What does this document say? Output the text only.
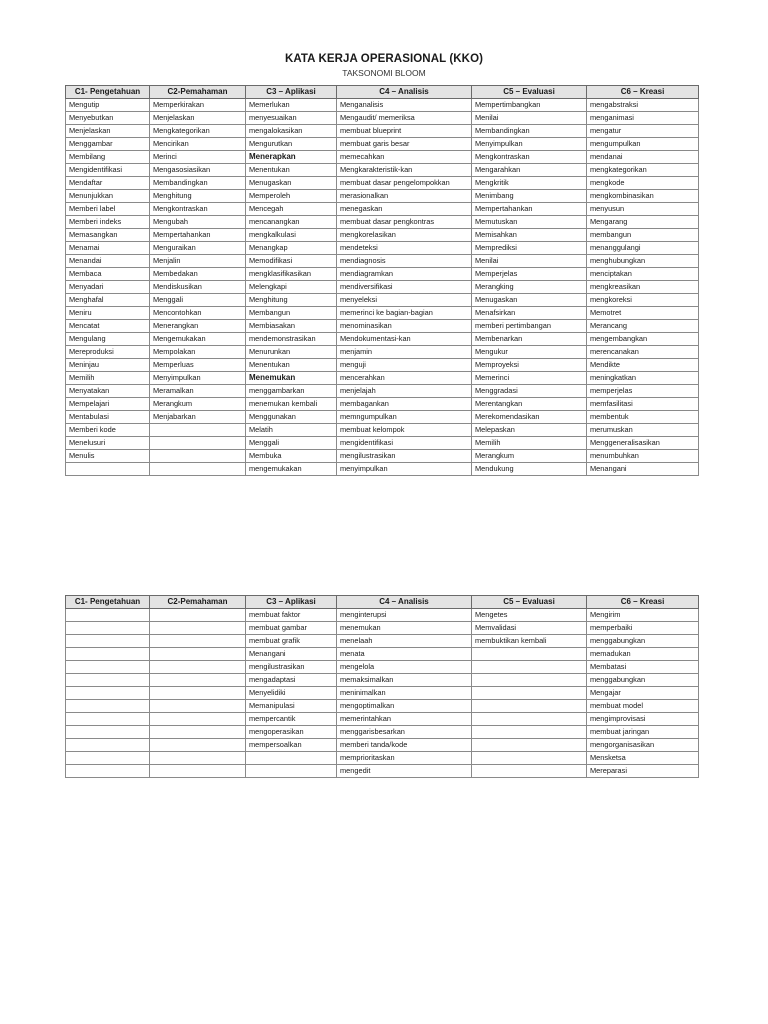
KATA KERJA OPERASIONAL (KKO)
TAKSONOMI BLOOM
C1- Pengetahuan	C2-Pemahaman	C3 – Aplikasi	C4 – Analisis	C5 – Evaluasi	C6 – Kreasi
Mengutip	Memperkirakan	Memerlukan	Menganalisis	Mempertimbangkan	mengabstraksi
Menyebutkan	Menjelaskan	menyesuaikan	Mengaudit/ memeriksa	Menilai	menganimasi
Menjelaskan	Mengkategorikan	mengalokasikan	membuat blueprint	Membandingkan	mengatur
Menggambar	Mencirikan	Mengurutkan	membuat garis besar	Menyimpulkan	mengumpulkan
Membilang	Merinci	Menerapkan	memecahkan	Mengkontraskan	mendanai
Mengidentifikasi	Mengasosiasikan	Menentukan	Mengkarakteristik-kan	Mengarahkan	mengkategorikan
Mendaftar	Membandingkan	Menugaskan	membuat dasar pengelompokkan	Mengkritik	mengkode
Menunjukkan	Menghitung	Memperoleh	merasionalkan	Menimbang	mengkombinasikan
Memberi label	Mengkontraskan	Mencegah	menegaskan	Mempertahankan	menyusun
Memberi indeks	Mengubah	mencanangkan	membuat dasar pengkontras	Memutuskan	Mengarang
Memasangkan	Mempertahankan	mengkalkulasi	mengkorelasikan	Memisahkan	membangun
Menamai	Menguraikan	Menangkap	mendeteksi	Memprediksi	menanggulangi
Menandai	Menjalin	Memodifikasi	mendiagnosis	Menilai	menghubungkan
Membaca	Membedakan	mengklasifikasikan	mendiagramkan	Memperjelas	menciptakan
Menyadari	Mendiskusikan	Melengkapi	mendiversifikasi	Merangking	mengkreasikan
Menghafal	Menggali	Menghitung	menyeleksi	Menugaskan	mengkoreksi
Meniru	Mencontohkan	Membangun	memerinci ke bagian-bagian	Menafsirkan	Memotret
Mencatat	Menerangkan	Membiasakan	menominasikan	memberi pertimbangan	Merancang
Mengulang	Mengemukakan	mendemonstrasikan	Mendokumentasi-kan	Membenarkan	mengembangkan
Mereproduksi	Mempolakan	Menurunkan	menjamin	Mengukur	merencanakan
Meninjau	Memperluas	Menentukan	menguji	Memproyeksi	Mendikte
Memilih	Menyimpulkan	Menemukan	mencerahkan	Memerinci	meningkatkan
Menyatakan	Meramalkan	menggambarkan	menjelajah	Menggradasi	memperjelas
Mempelajari	Merangkum	menemukan kembali	membagankan	Merentangkan	memfasilitasi
Mentabulasi	Menjabarkan	Menggunakan	memngumpulkan	Merekomendasikan	membentuk
Memberi kode		Melatih	membuat kelompok	Melepaskan	merumuskan
Menelusuri		Menggali	mengidentifikasi	Memilih	Menggeneralisasikan
Menulis		Membuka	mengilustrasikan	Merangkum	menumbuhkan
		mengemukakan	menyimpulkan	Mendukung	Menangani
C1- Pengetahuan	C2-Pemahaman	C3 – Aplikasi	C4 – Analisis	C5 – Evaluasi	C6 – Kreasi
		membuat faktor	menginterupsi	Mengetes	Mengirim
		membuat gambar	menemukan	Memvalidasi	memperbaiki
		membuat grafik	menelaah	membuktikan kembali	menggabungkan
		Menangani	menata		memadukan
		mengilustrasikan	mengelola		Membatasi
		mengadaptasi	memaksimalkan		menggabungkan
		Menyelidiki	meninimalkan		Mengajar
		Memanipulasi	mengoptimalkan		membuat model
		mempercantik	memerintahkan		mengimprovisasi
		mengoperasikan	menggarisbesarkan		membuat jaringan
		mempersoalkan	memberi tanda/kode		mengorganisasikan
			memprioritaskan		Mensketsa
			mengedit		Mereparasi
